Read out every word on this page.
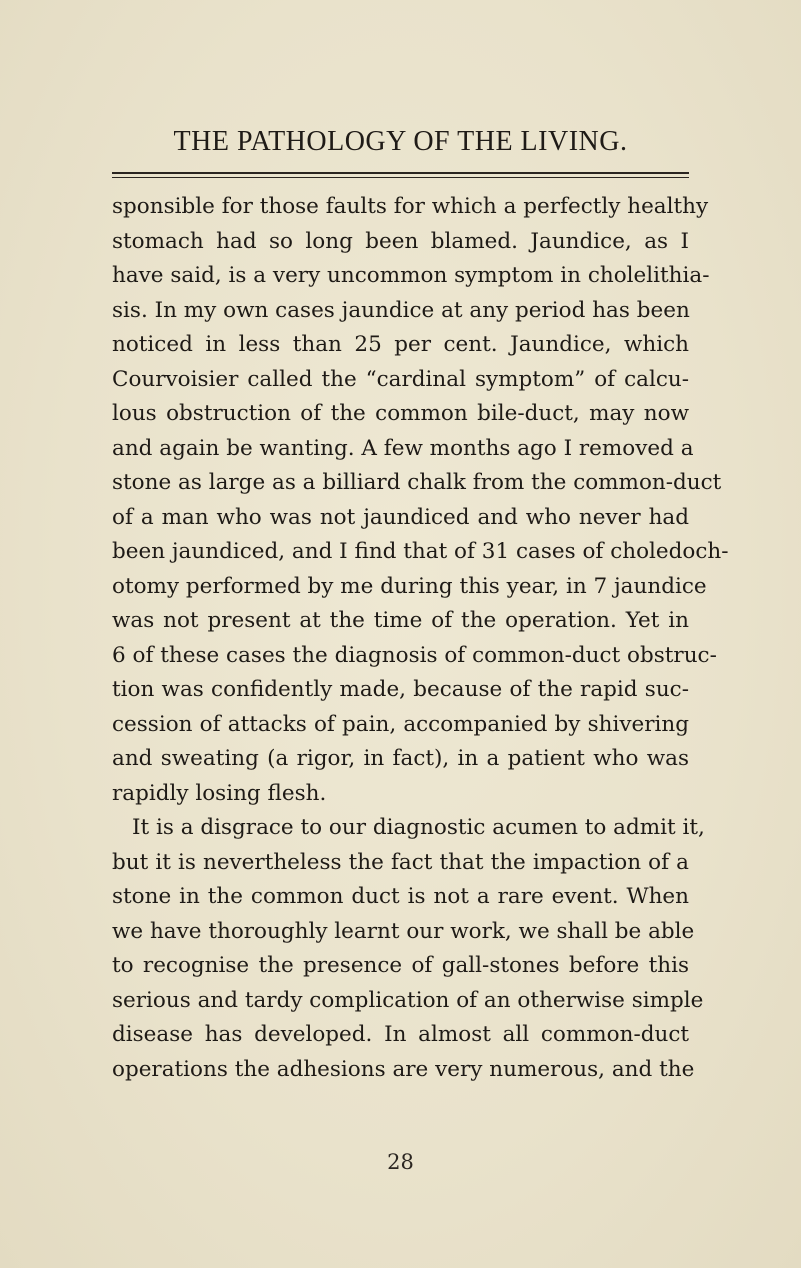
THE PATHOLOGY OF THE LIVING.
sponsible for those faults for which a perfectly healthy
stomach had so long been blamed. Jaundice, as I
have said, is a very uncommon symptom in cholelithia-
sis. In my own cases jaundice at any period has been
noticed in less than 25 per cent. Jaundice, which
Courvoisier called the “cardinal symptom” of calcu-
lous obstruction of the common bile-duct, may now
and again be wanting. A few months ago I removed a
stone as large as a billiard chalk from the common-duct
of a man who was not jaundiced and who never had
been jaundiced, and I find that of 31 cases of choledoch-
otomy performed by me during this year, in 7 jaundice
was not present at the time of the operation. Yet in
6 of these cases the diagnosis of common-duct obstruc-
tion was confidently made, because of the rapid suc-
cession of attacks of pain, accompanied by shivering
and sweating (a rigor, in fact), in a patient who was
rapidly losing flesh.
It is a disgrace to our diagnostic acumen to admit it,
but it is nevertheless the fact that the impaction of a
stone in the common duct is not a rare event. When
we have thoroughly learnt our work, we shall be able
to recognise the presence of gall-stones before this
serious and tardy complication of an otherwise simple
disease has developed. In almost all common-duct
operations the adhesions are very numerous, and the
28
